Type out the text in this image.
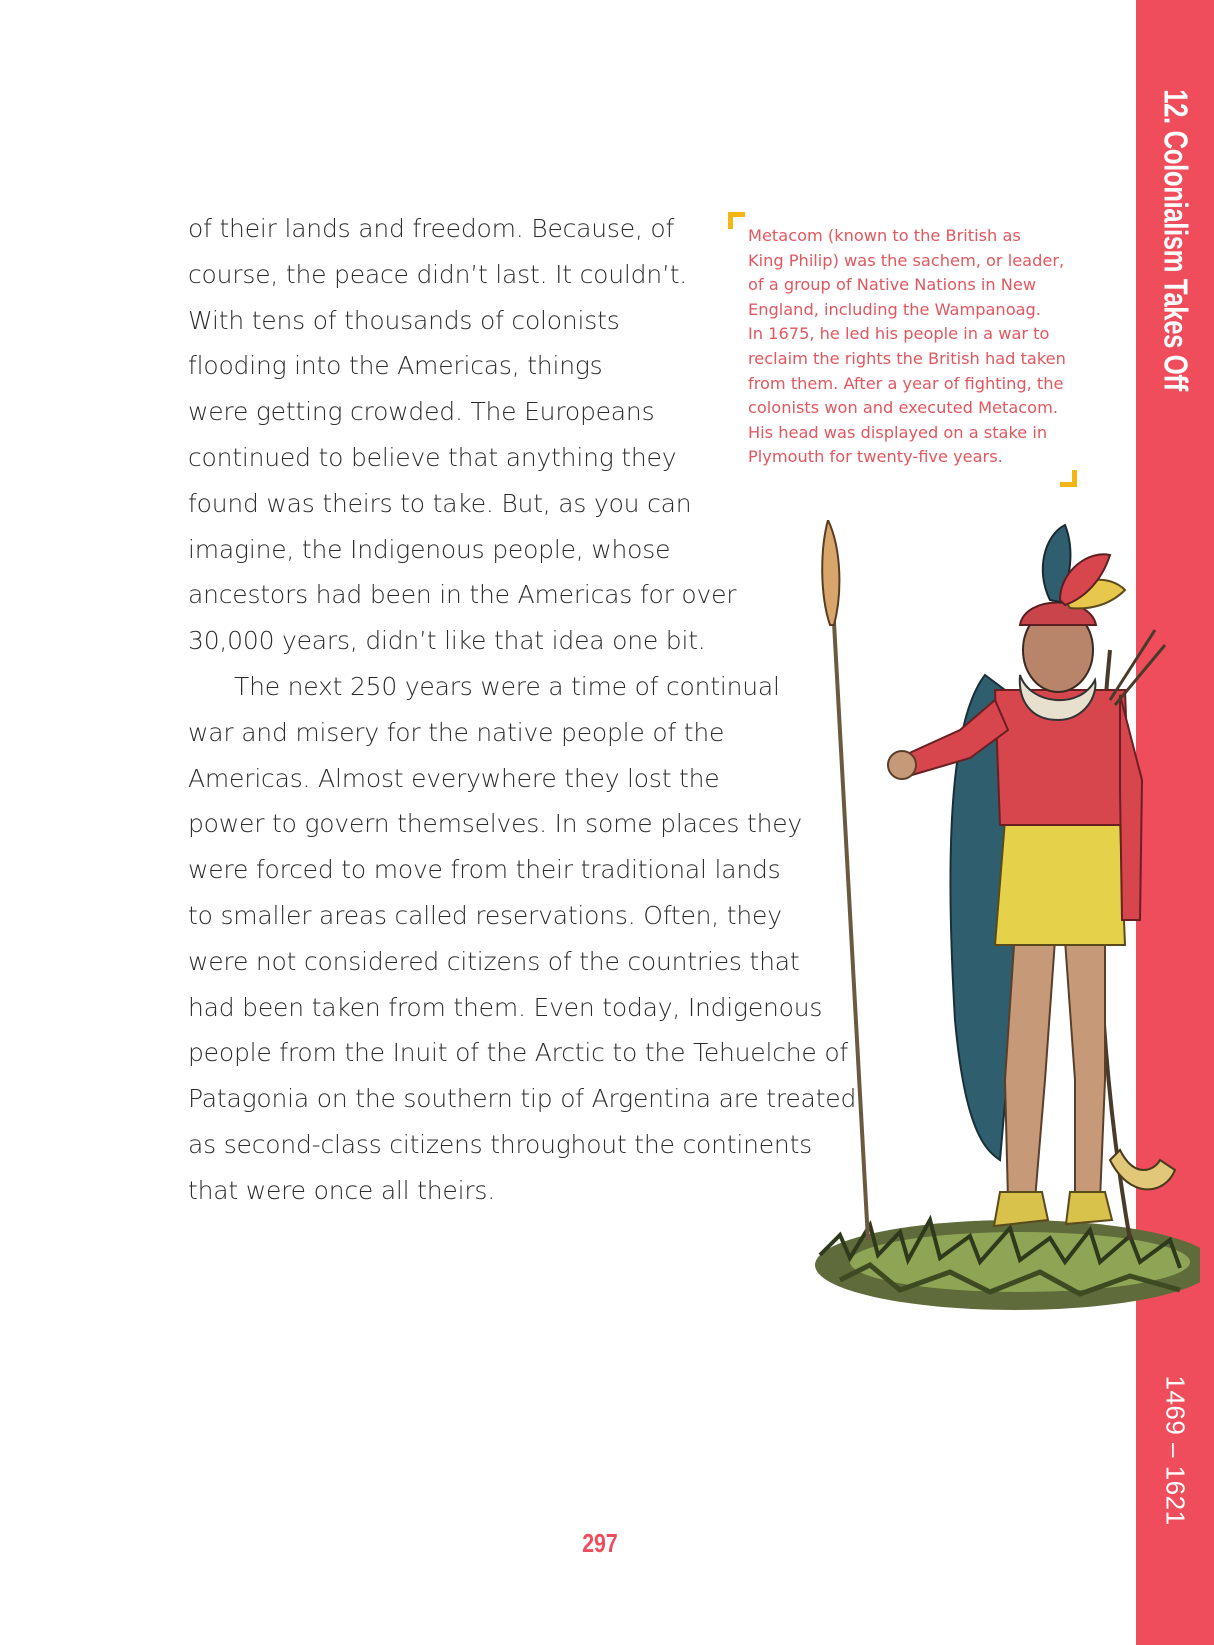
12. Colonialism Takes Off
1469 – 1621

of their lands and freedom. Because, of
course, the peace didn’t last. It couldn’t.
With tens of thousands of colonists
flooding into the Americas, things
were getting crowded. The Europeans
continued to believe that anything they
found was theirs to take. But, as you can
imagine, the Indigenous people, whose
ancestors had been in the Americas for over
30,000 years, didn’t like that idea one bit.

The next 250 years were a time of continual
war and misery for the native people of the
Americas. Almost everywhere they lost the
power to govern themselves. In some places they
were forced to move from their traditional lands
to smaller areas called reservations. Often, they
were not considered citizens of the countries that
had been taken from them. Even today, Indigenous
people from the Inuit of the Arctic to the Tehuelche of
Patagonia on the southern tip of Argentina are treated
as second-class citizens throughout the continents
that were once all theirs.

Metacom (known to the British as
King Philip) was the sachem, or leader,
of a group of Native Nations in New
England, including the Wampanoag.
In 1675, he led his people in a war to
reclaim the rights the British had taken
from them. After a year of fighting, the
colonists won and executed Metacom.
His head was displayed on a stake in
Plymouth for twenty-five years.
297
